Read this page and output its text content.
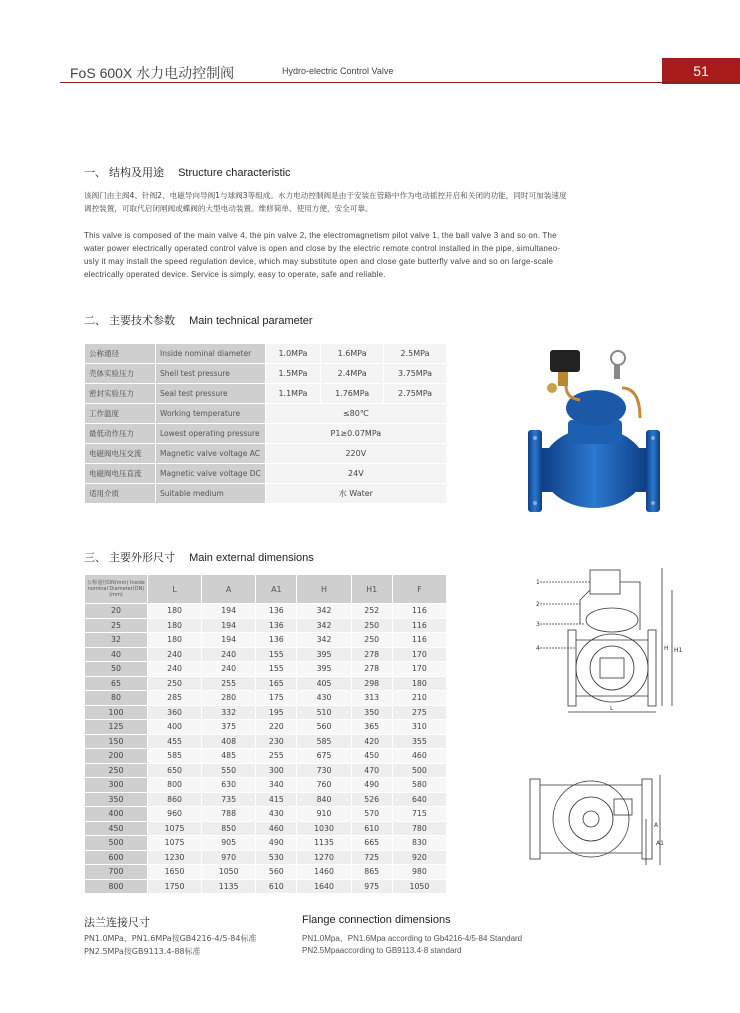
FoS 600X 水力电动控制阀	Hydro-electric Control Valve	51
一、 结构及用途 Structure characteristic
该阀门由主阀4、针阀2、电磁导向导阀1与球阀3等组成。水力电动控制阀是由于安装在管路中作为电动摇控开启和关闭的功能，同时可加装速度
调控装置，可取代启闭闸阀或蝶阀的大型电动装置。维修简单、使用方便，安全可靠。
This valve is composed of the main valve 4, the pin valve 2, the electromagnetism pilot valve 1, the ball valve 3 and so on. The
water power electrically operated control valve is open and close by the electric remote control installed in the pipe, simultaneo-
usly it may install the speed regulation device, which may substitute open and close gate butterfly valve and so on large-scale
electrically operated device. Service is simply, easy to operate, safe and reliable.
二、 主要技术参数 Main technical parameter
公称通径	Inside nominal diameter	1.0MPa	1.6MPa	2.5MPa
壳体实验压力	Shell test pressure	1.5MPa	2.4MPa	3.75MPa
密封实验压力	Seal test pressure	1.1MPa	1.76MPa	2.75MPa
工作温度	Working temperature	≤80℃		
最低动作压力	Lowest operating pressure	P1≥0.07MPa		
电磁阀电压交流	Magnetic valve voltage AC	220V		
电磁阀电压直流	Magnetic valve voltage DC	24V		
适用介质	Suitable medium	水 Water		
三、 主要外形尺寸 Main external dimensions
公称通径DN(mm) Inside nominal Diameter(DN)(mm)	L	A	A1	H	H1	F
20	180	194	136	342	252	116
25	180	194	136	342	250	116
32	180	194	136	342	250	116
40	240	240	155	395	278	170
50	240	240	155	395	278	170
65	250	255	165	405	298	180
80	285	280	175	430	313	210
100	360	332	195	510	350	275
125	400	375	220	560	365	310
150	455	408	230	585	420	355
200	585	485	255	675	450	460
250	650	550	300	730	470	500
300	800	630	340	760	490	580
350	860	735	415	840	526	640
400	960	788	430	910	570	715
450	1075	850	460	1030	610	780
500	1075	905	490	1135	665	830
600	1230	970	530	1270	725	920
700	1650	1050	560	1460	865	980
800	1750	1135	610	1640	975	1050
1
2
3
4	H H1
L
A
A1
法兰连接尺寸
PN1.0MPa、PN1.6MPa按GB4216-4/5-84标准
PN2.5MPa按GB9113.4-88标准
Flange connection dimensions
PN1.0Mpa、PN1.6Mpa according to Gb4216-4/5-84 Standard
PN2.5Mpaaccording to GB9113.4-8 standard
